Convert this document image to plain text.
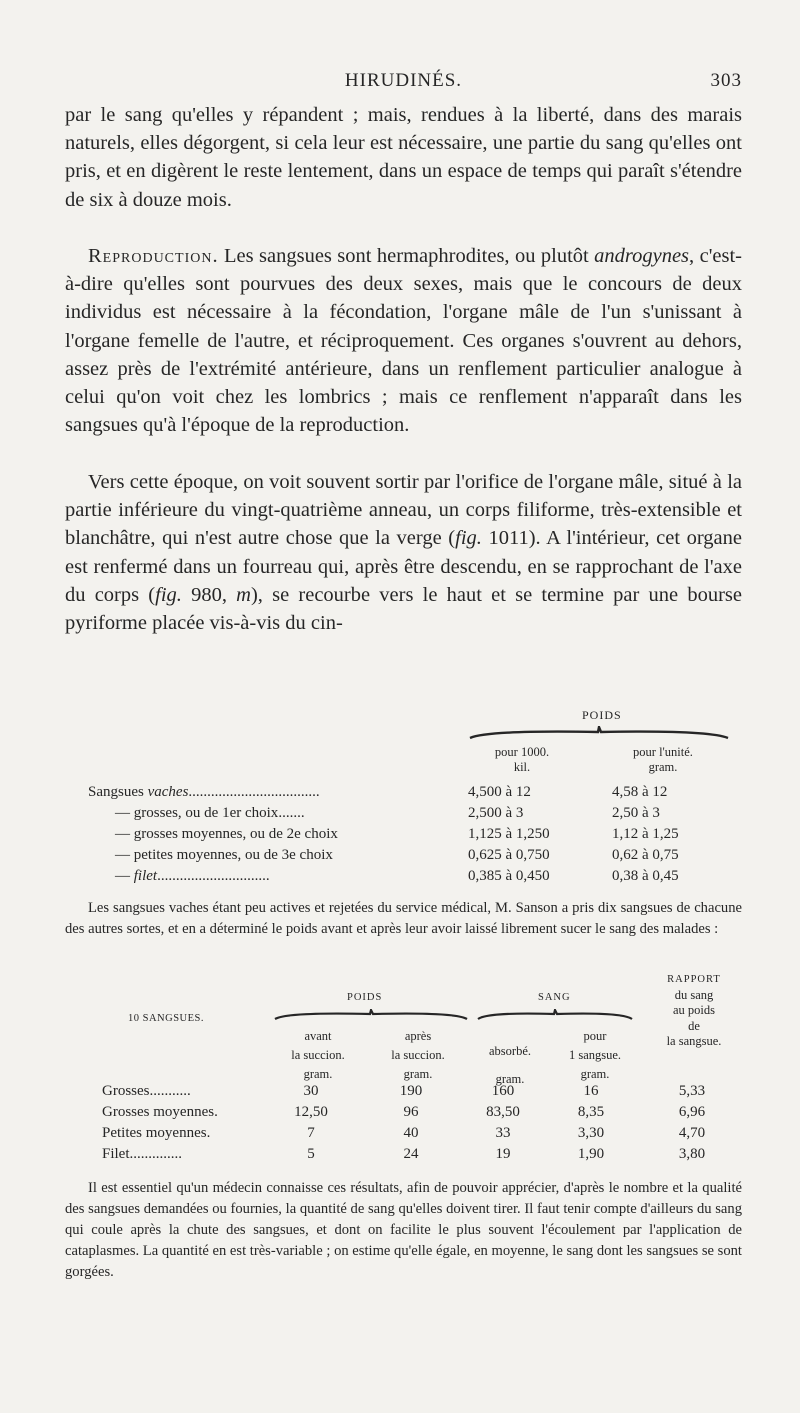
HIRUDINÉS.	303
par le sang qu'elles y répandent ; mais, rendues à la liberté, dans des marais naturels, elles dégorgent, si cela leur est nécessaire, une partie du sang qu'elles ont pris, et en digèrent le reste lentement, dans un espace de temps qui paraît s'étendre de six à douze mois.
Reproduction. Les sangsues sont hermaphrodites, ou plutôt androgynes, c'est-à-dire qu'elles sont pourvues des deux sexes, mais que le concours de deux individus est nécessaire à la fécondation, l'organe mâle de l'un s'unissant à l'organe femelle de l'autre, et réciproquement. Ces organes s'ouvrent au dehors, assez près de l'extrémité antérieure, dans un renflement particulier analogue à celui qu'on voit chez les lombrics ; mais ce renflement n'apparaît dans les sangsues qu'à l'époque de la reproduction.
Vers cette époque, on voit souvent sortir par l'orifice de l'organe mâle, situé à la partie inférieure du vingt-quatrième anneau, un corps filiforme, très-extensible et blanchâtre, qui n'est autre chose que la verge (fig. 1011). A l'intérieur, cet organe est renfermé dans un fourreau qui, après être descendu, en se rapprochant de l'axe du corps (fig. 980, m), se recourbe vers le haut et se termine par une bourse pyriforme placée vis-à-vis du cin-
POIDS
pour 1000.
kil.
pour l'unité.
gram.
Sangsues vaches...................................	4,500 à 12	4,58 à 12
— grosses, ou de 1er choix.......	2,500 à 3	2,50 à 3
— grosses moyennes, ou de 2e choix	1,125 à 1,250	1,12 à 1,25
— petites moyennes, ou de 3e choix	0,625 à 0,750	0,62 à 0,75
— filet..............................	0,385 à 0,450	0,38 à 0,45
Les sangsues vaches étant peu actives et rejetées du service médical, M. Sanson a pris dix sangsues de chacune des autres sortes, et en a déterminé le poids avant et après leur avoir laissé librement sucer le sang des malades :
10 SANGSUES.
POIDS	SANG
RAPPORT
du sang
au poids
de
la sangsue.
avant
la succion.
gram.
après
la succion.
gram.
absorbé.
gram.
pour
1 sangsue.
gram.
Grosses...........	30	190	160	16	5,33
Grosses moyennes.	12,50	96	83,50	8,35	6,96
Petites moyennes.	7	40	33	3,30	4,70
Filet..............	5	24	19	1,90	3,80
Il est essentiel qu'un médecin connaisse ces résultats, afin de pouvoir apprécier, d'après le nombre et la qualité des sangsues demandées ou fournies, la quantité de sang qu'elles doivent tirer. Il faut tenir compte d'ailleurs du sang qui coule après la chute des sangsues, et dont on facilite le plus souvent l'écoulement par l'application de cataplasmes. La quantité en est très-variable ; on estime qu'elle égale, en moyenne, le sang dont les sangsues se sont gorgées.
